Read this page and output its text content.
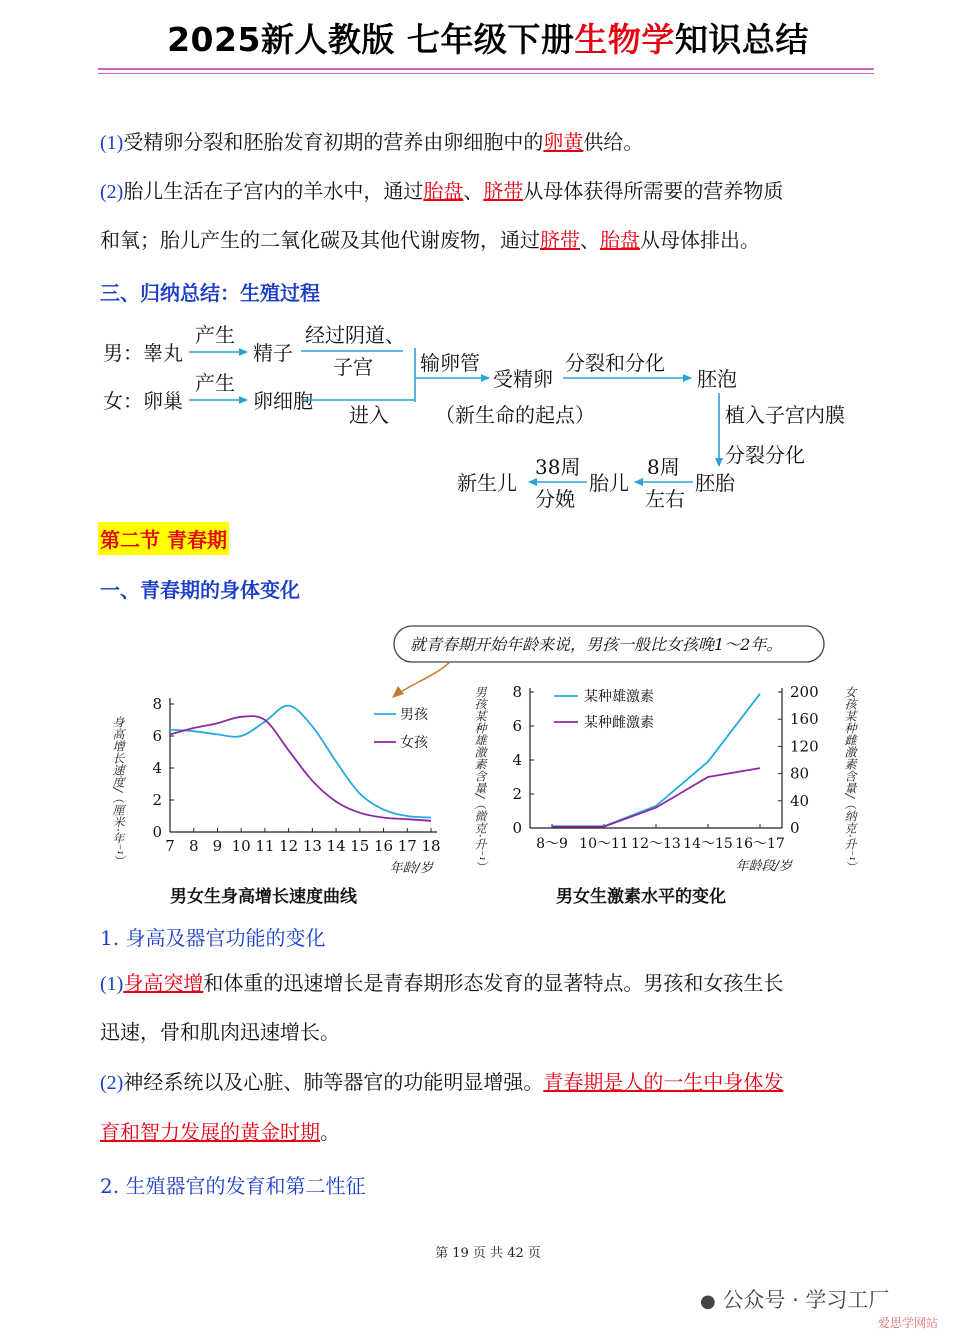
2025新人教版 七年级下册生物学知识总结
(1)受精卵分裂和胚胎发育初期的营养由卵细胞中的卵黄供给。
(2)胎儿生活在子宫内的羊水中，通过胎盘、脐带从母体获得所需要的营养物质
和氧；胎儿产生的二氧化碳及其他代谢废物，通过脐带、胎盘从母体排出。
三、归纳总结：生殖过程
男：睾丸
女：卵巢
产生
产生
精子
卵细胞
经过阴道、
子宫
进入
输卵管
受精卵
（新生命的起点）
分裂和分化
胚泡
植入子宫内膜
分裂分化
胚胎
8周
左右
胎儿
38周
分娩
新生儿
第二节 青春期
一、青春期的身体变化
就青春期开始年龄来说，男孩一般比女孩晚1～2年。
0
2
4
6
8
7 8 9 10 11 12 13 14 15 16 17 18
年龄/岁
身高增长速度/（厘米·年⁻¹）
男孩
女孩
0
2
4
6
8
0
40
80
120
160
200
8～9 10～11 12～13 14～15 16～17
年龄段/岁
男孩某种雄激素含量/（微克·升⁻¹）	女孩某种雌激素含量/（纳克·升⁻¹）
某种雄激素
某种雌激素
男女生身高增长速度曲线	男女生激素水平的变化
1. 身高及器官功能的变化
(1)身高突增和体重的迅速增长是青春期形态发育的显著特点。男孩和女孩生长
迅速，骨和肌肉迅速增长。
(2)神经系统以及心脏、肺等器官的功能明显增强。青春期是人的一生中身体发
育和智力发展的黄金时期。
2. 生殖器官的发育和第二性征
第 19 页 共 42 页
● 公众号 · 学习工厂
爱思学网站
